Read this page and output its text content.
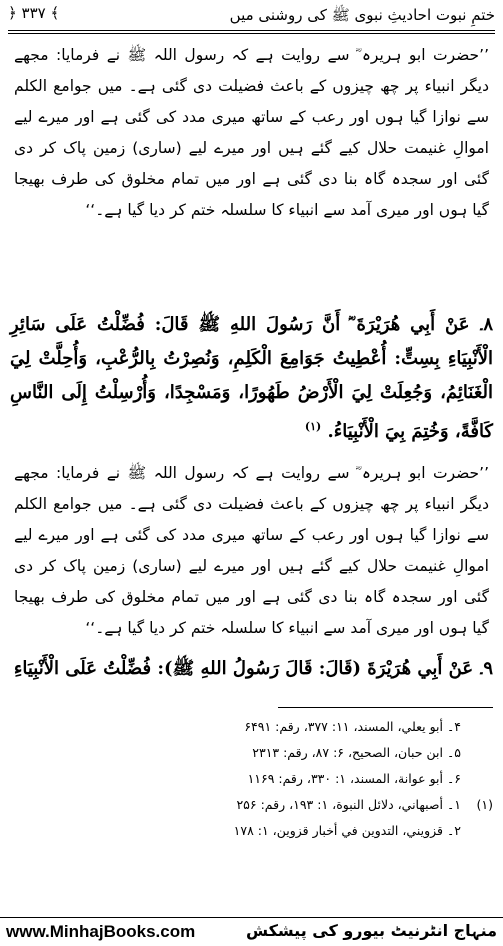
ختمِ نبوت احادیثِ نبوی ﷺ کی روشنی میں
﴿ ۳۳۷ ﴾
’’حضرت ابو ہریرہ ؓ سے روایت ہے کہ رسول اللہ ﷺ نے فرمایا: مجھے دیگر انبیاء پر چھ چیزوں کے باعث فضیلت دی گئی ہے۔ میں جوامع الکلم سے نوازا گیا ہوں اور رعب کے ساتھ میری مدد کی گئی ہے اور میرے لیے اموالِ غنیمت حلال کیے گئے ہیں اور میرے لیے (ساری) زمین پاک کر دی گئی اور سجدہ گاہ بنا دی گئی ہے اور میں تمام مخلوق کی طرف بھیجا گیا ہوں اور میری آمد سے انبیاء کا سلسلہ ختم کر دیا گیا ہے۔‘‘
۸۔ عَنْ أَبِي هُرَيْرَةَ ؓ أَنَّ رَسُولَ اللهِ ﷺ قَالَ: فُضِّلْتُ عَلَى سَائِرِ الْأَنْبِيَاءِ بِسِتٍّ: أُعْطِيتُ جَوَامِعَ الْكَلِمِ، وَنُصِرْتُ بِالرُّعْبِ، وَأُحِلَّتْ لِيَ الْغَنَائِمُ، وَجُعِلَتْ لِيَ الْأَرْضُ طَهُورًا، وَمَسْجِدًا، وَأُرْسِلْتُ إِلَى النَّاسِ كَافَّةً، وَخُتِمَ بِيَ الْأَنْبِيَاءُ. $^{(۱)}$
’’حضرت ابو ہریرہ ؓ سے روایت ہے کہ رسول اللہ ﷺ نے فرمایا: مجھے دیگر انبیاء پر چھ چیزوں کے باعث فضیلت دی گئی ہے۔ میں جوامع الکلم سے نوازا گیا ہوں اور رعب کے ساتھ میری مدد کی گئی ہے اور میرے لیے اموالِ غنیمت حلال کیے گئے ہیں اور میرے لیے (ساری) زمین پاک کر دی گئی اور سجدہ گاہ بنا دی گئی ہے اور میں تمام مخلوق کی طرف بھیجا گیا ہوں اور میری آمد سے انبیاء کا سلسلہ ختم کر دیا گیا ہے۔‘‘
۹۔ عَنْ أَبِي هُرَيْرَةَ (قَالَ: قَالَ رَسُولُ اللهِ ﷺ): فُضِّلْتُ عَلَى الْأَنْبِيَاءِ
۴۔ أبو يعلي، المسند، ۱۱: ۳۷۷، رقم: ۶۴۹۱
۵۔ ابن حبان، الصحيح، ۶: ۸۷، رقم: ۲۳۱۳
۶۔ أبو عوانة، المسند، ۱: ۳۳۰، رقم: ۱۱۶۹
(۱)
۱۔ أصبهاني، دلائل النبوة، ۱: ۱۹۳، رقم: ۲۵۶
۲۔ قزويني، التدوين في أخبار قزوين، ۱: ۱۷۸
www.MinhajBooks.com	منہاج انٹرنیٹ بیورو کی پیشکش
